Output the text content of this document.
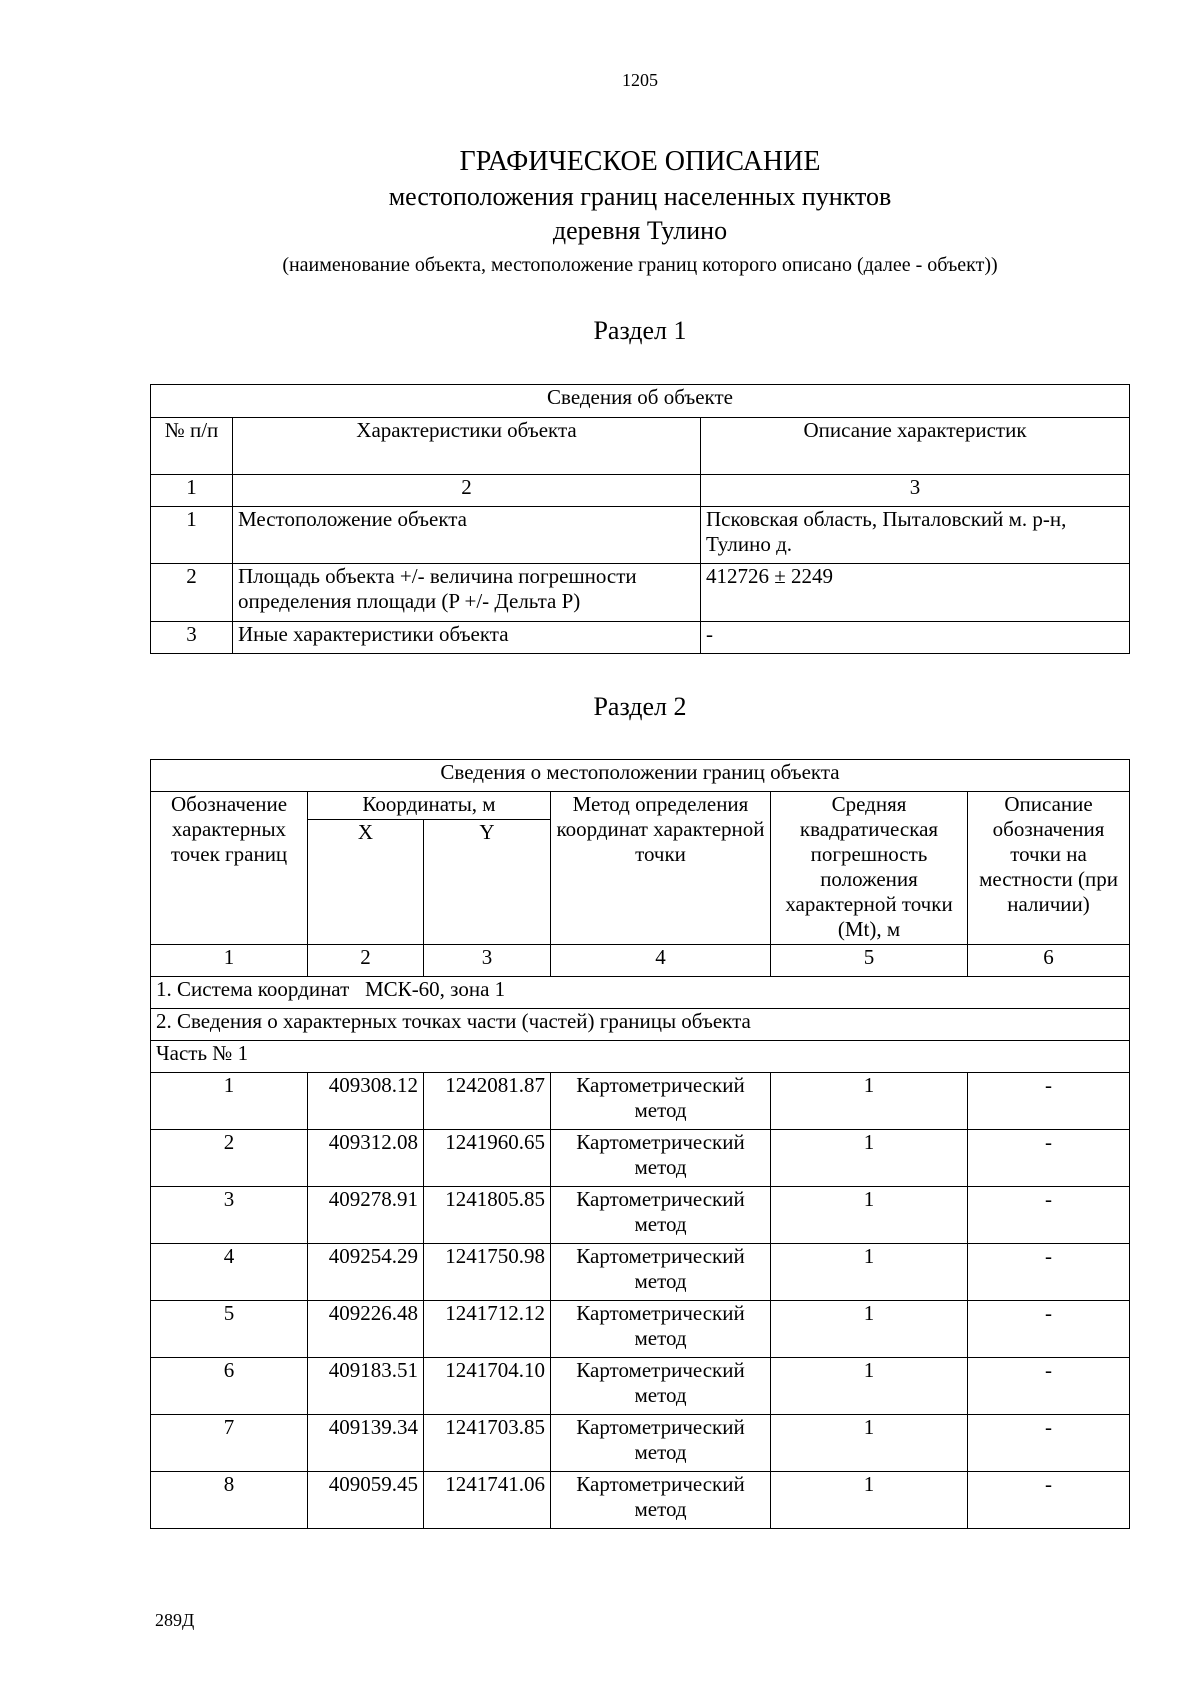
1205
ГРАФИЧЕСКОЕ ОПИСАНИЕ
местоположения границ населенных пунктов
деревня Тулино
(наименование объекта, местоположение границ которого описано (далее - объект))
Раздел 1
Сведения об объекте		
№ п/п	Характеристики объекта	Описание характеристик
1	2	3
1	Местоположение объекта	Псковская область, Пыталовский м. р-н, Тулино д.
2	Площадь объекта +/- величина погрешности определения площади (P +/- Дельта P)	412726 ± 2249
3	Иные характеристики объекта	-
Раздел 2
Сведения о местоположении границ объекта					
Обозначение характерных точек границ	Координаты, м		Метод определения координат характерной точки	Средняя квадратическая погрешность положения характерной точки (Mt), м	Описание обозначения точки на местности (при наличии)
	X	Y			
1	2	3	4	5	6
1. Система координат   МСК-60, зона 1					
2. Сведения о характерных точках части (частей) границы объекта					
Часть № 1					
1	409308.12	1242081.87	Картометрический метод	1	-
2	409312.08	1241960.65	Картометрический метод	1	-
3	409278.91	1241805.85	Картометрический метод	1	-
4	409254.29	1241750.98	Картометрический метод	1	-
5	409226.48	1241712.12	Картометрический метод	1	-
6	409183.51	1241704.10	Картометрический метод	1	-
7	409139.34	1241703.85	Картометрический метод	1	-
8	409059.45	1241741.06	Картометрический метод	1	-
289Д
